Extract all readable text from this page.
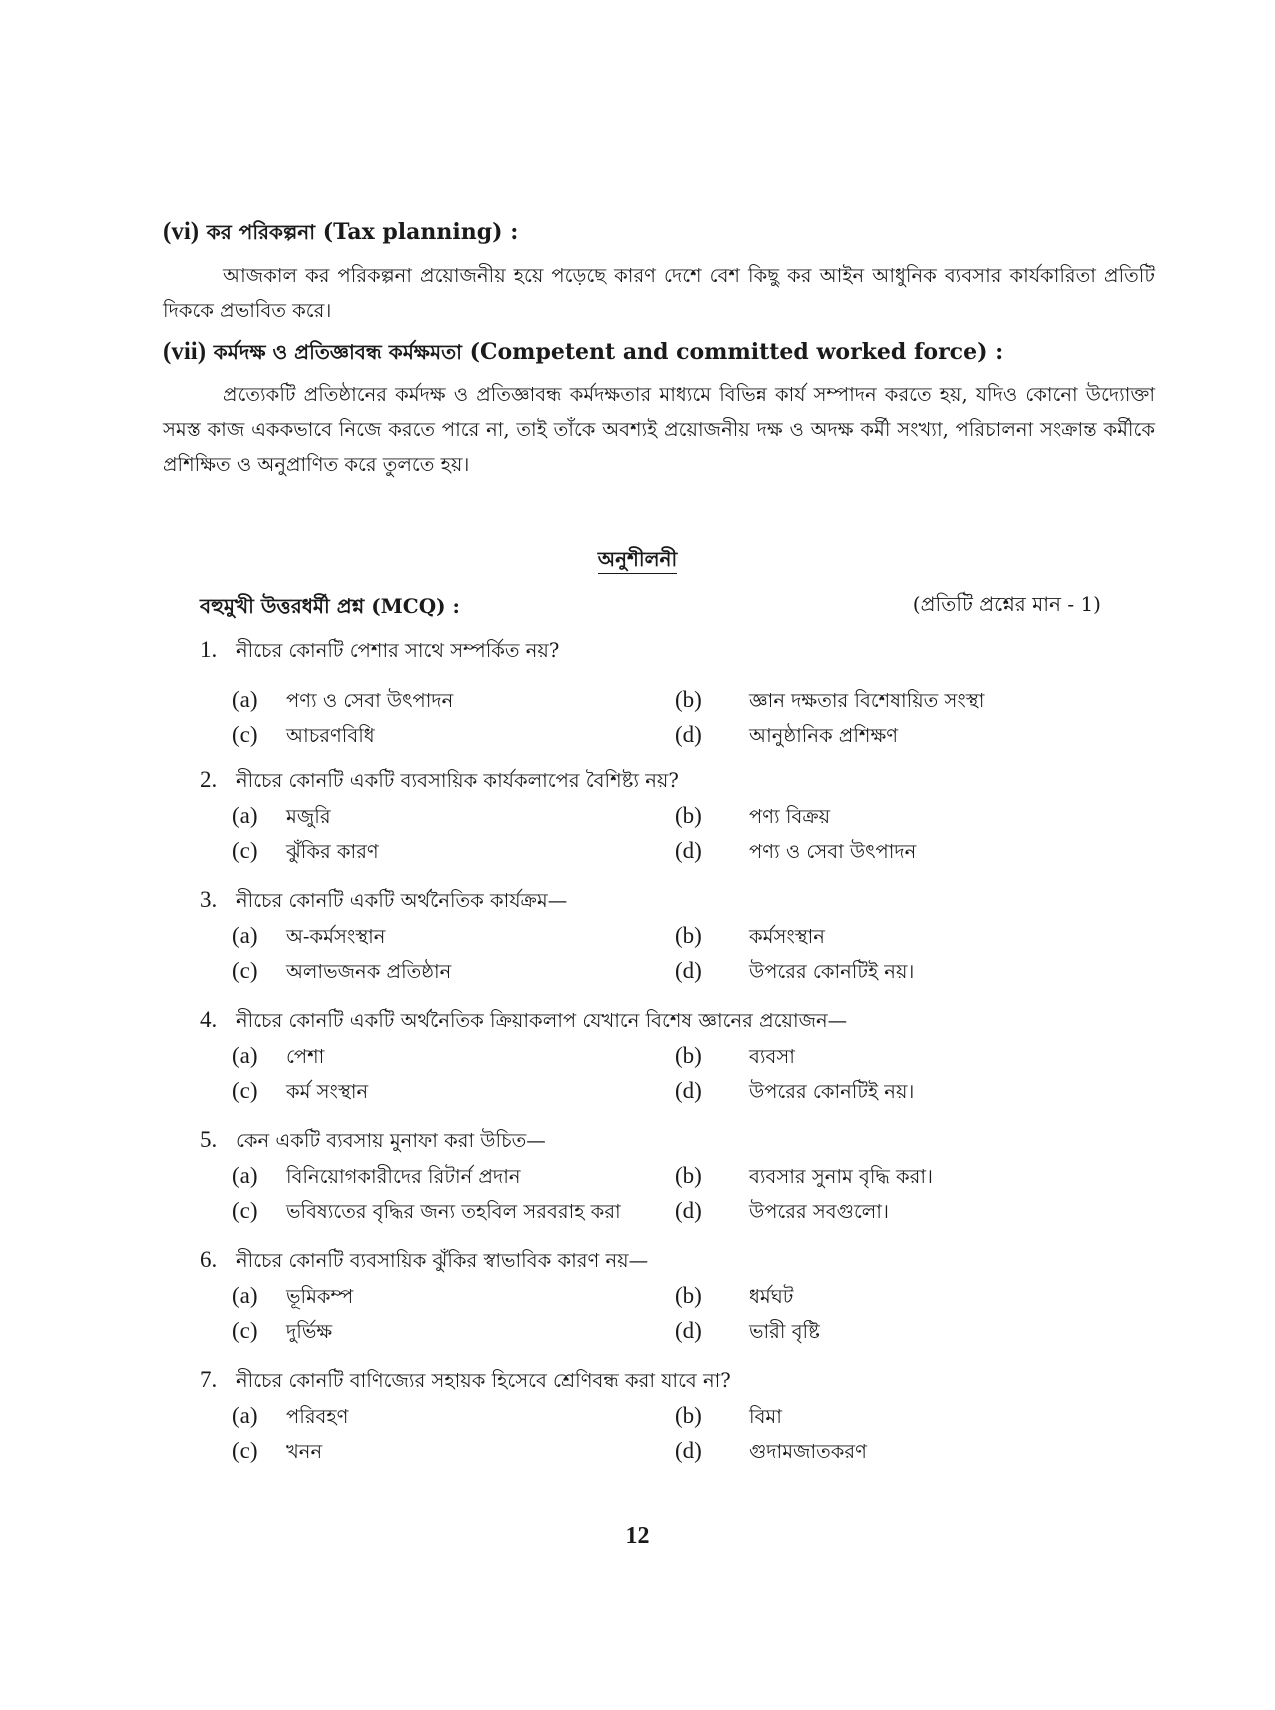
(vi) কর পরিকল্পনা (Tax planning) :

আজকাল কর পরিকল্পনা প্রয়োজনীয় হয়ে পড়েছে কারণ দেশে বেশ কিছু কর আইন আধুনিক ব্যবসার কার্যকারিতা প্রতিটি দিককে প্রভাবিত করে।

(vii) কর্মদক্ষ ও প্রতিজ্ঞাবন্ধ কর্মক্ষমতা (Competent and committed worked force) :

প্রত্যেকটি প্রতিষ্ঠানের কর্মদক্ষ ও প্রতিজ্ঞাবন্ধ কর্মদক্ষতার মাধ্যমে বিভিন্ন কার্য সম্পাদন করতে হয়, যদিও কোনো উদ্যোক্তা সমস্ত কাজ এককভাবে নিজে করতে পারে না, তাই তাঁকে অবশ্যই প্রয়োজনীয় দক্ষ ও অদক্ষ কর্মী সংখ্যা, পরিচালনা সংক্রান্ত কর্মীকে প্রশিক্ষিত ও অনুপ্রাণিত করে তুলতে হয়।

অনুশীলনী
বহুমুখী উত্তরধর্মী প্রশ্ন (MCQ) :	(প্রতিটি প্রশ্নের মান - 1)
1. নীচের কোনটি পেশার সাথে সম্পর্কিত নয়?
(a) পণ্য ও সেবা উৎপাদন	(b) জ্ঞান দক্ষতার বিশেষায়িত সংস্থা
(c) আচরণবিধি	(d) আনুষ্ঠানিক প্রশিক্ষণ
2. নীচের কোনটি একটি ব্যবসায়িক কার্যকলাপের বৈশিষ্ট্য নয়?
(a) মজুরি	(b) পণ্য বিক্রয়
(c) ঝুঁকির কারণ	(d) পণ্য ও সেবা উৎপাদন
3. নীচের কোনটি একটি অর্থনৈতিক কার্যক্রম—
(a) অ-কর্মসংস্থান	(b) কর্মসংস্থান
(c) অলাভজনক প্রতিষ্ঠান	(d) উপরের কোনটিই নয়।
4. নীচের কোনটি একটি অর্থনৈতিক ক্রিয়াকলাপ যেখানে বিশেষ জ্ঞানের প্রয়োজন—
(a) পেশা	(b) ব্যবসা
(c) কর্ম সংস্থান	(d) উপরের কোনটিই নয়।
5. কেন একটি ব্যবসায় মুনাফা করা উচিত—
(a) বিনিয়োগকারীদের রিটার্ন প্রদান	(b) ব্যবসার সুনাম বৃদ্ধি করা।
(c) ভবিষ্যতের বৃদ্ধির জন্য তহবিল সরবরাহ করা	(d) উপরের সবগুলো।
6. নীচের কোনটি ব্যবসায়িক ঝুঁকির স্বাভাবিক কারণ নয়—
(a) ভূমিকম্প	(b) ধর্মঘট
(c) দুর্ভিক্ষ	(d) ভারী বৃষ্টি
7. নীচের কোনটি বাণিজ্যের সহায়ক হিসেবে শ্রেণিবন্ধ করা যাবে না?
(a) পরিবহণ	(b) বিমা
(c) খনন	(d) গুদামজাতকরণ
12
